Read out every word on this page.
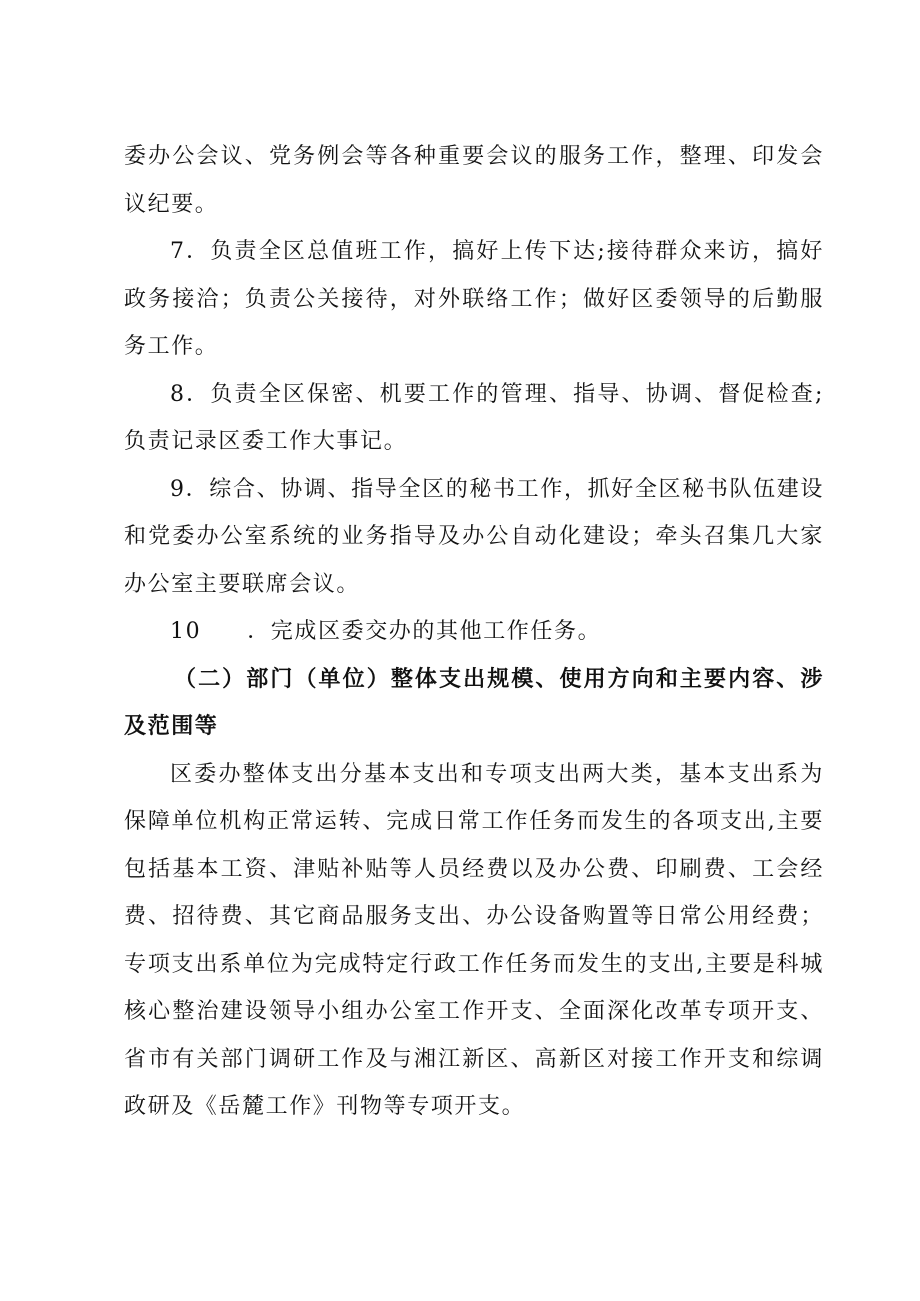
委办公会议、党务例会等各种重要会议的服务工作，整理、印发会议纪要。

7．负责全区总值班工作，搞好上传下达;接待群众来访，搞好政务接洽；负责公关接待，对外联络工作；做好区委领导的后勤服务工作。

8．负责全区保密、机要工作的管理、指导、协调、督促检查;负责记录区委工作大事记。

9．综合、协调、指导全区的秘书工作，抓好全区秘书队伍建设和党委办公室系统的业务指导及办公自动化建设；牵头召集几大家办公室主要联席会议。

10 ．完成区委交办的其他工作任务。

（二）部门（单位）整体支出规模、使用方向和主要内容、涉及范围等

区委办整体支出分基本支出和专项支出两大类，基本支出系为保障单位机构正常运转、完成日常工作任务而发生的各项支出,主要包括基本工资、津贴补贴等人员经费以及办公费、印刷费、工会经费、招待费、其它商品服务支出、办公设备购置等日常公用经费；专项支出系单位为完成特定行政工作任务而发生的支出,主要是科城核心整治建设领导小组办公室工作开支、全面深化改革专项开支、省市有关部门调研工作及与湘江新区、高新区对接工作开支和综调政研及《岳麓工作》刊物等专项开支。
